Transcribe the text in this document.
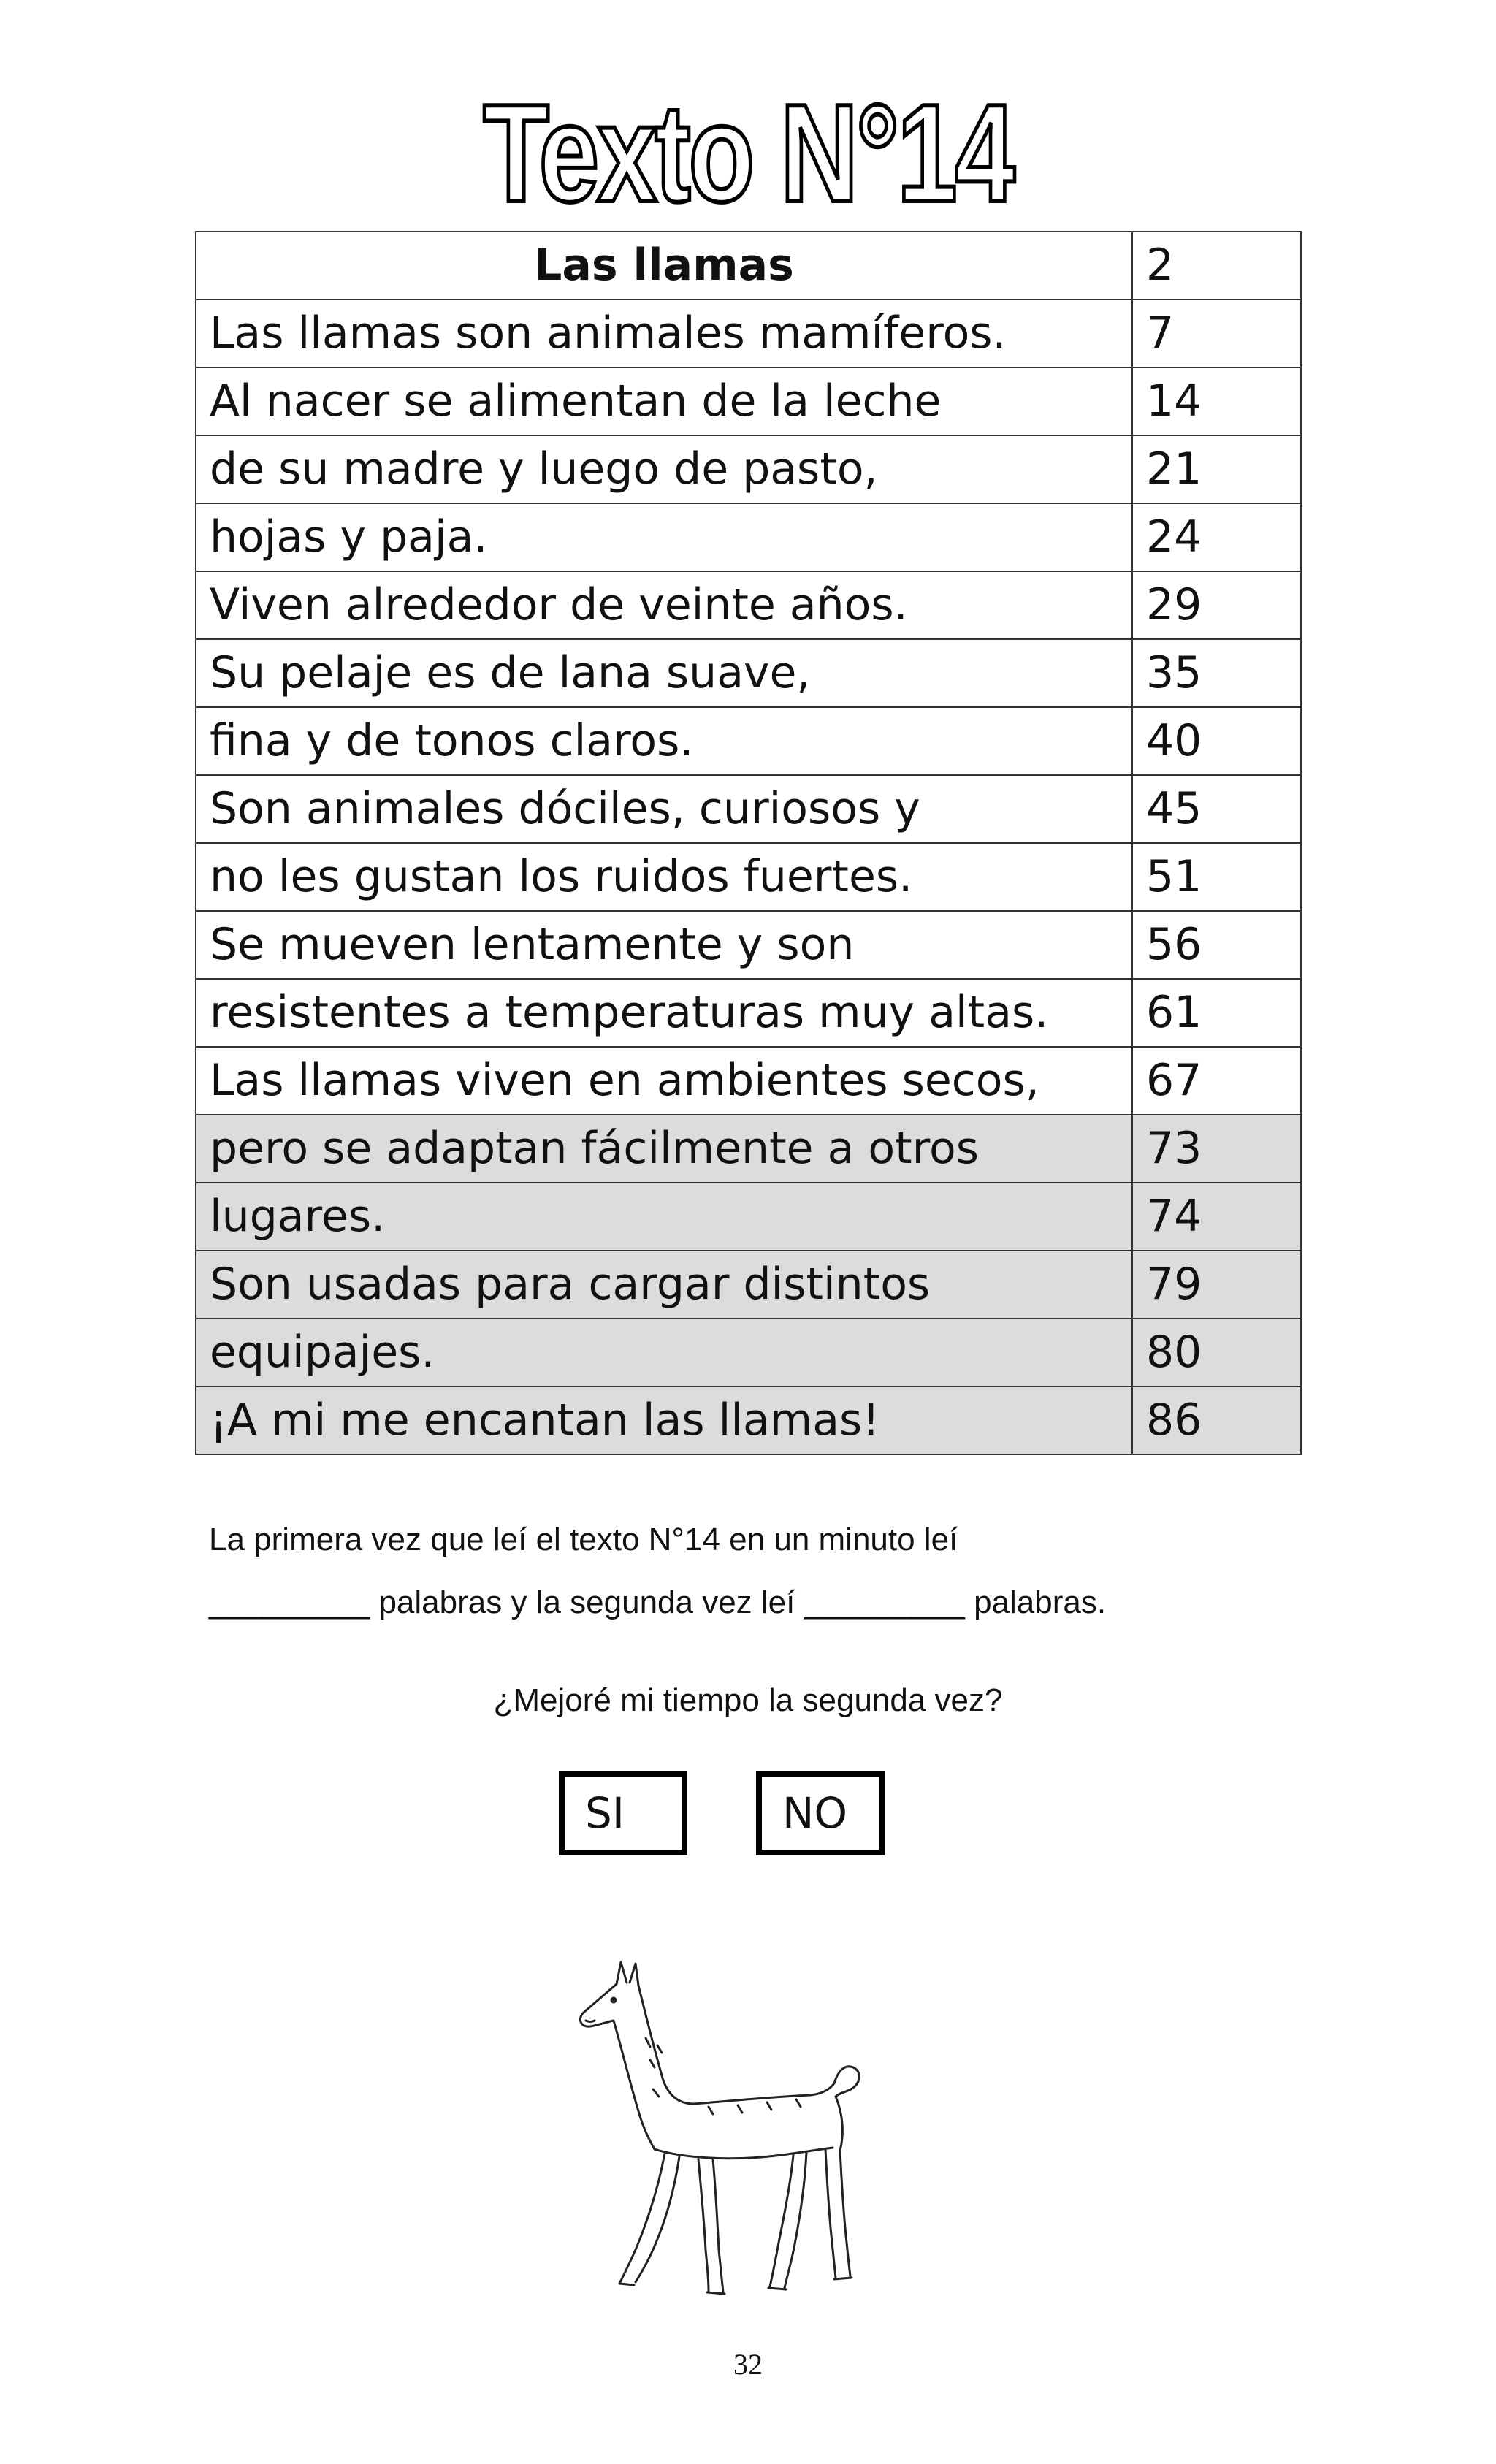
Texto N°14
Las llamas	2
Las llamas son animales mamíferos.	7
Al nacer se alimentan de la leche	14
de su madre y luego de pasto,	21
hojas y paja.	24
Viven alrededor de veinte años.	29
Su pelaje es de lana suave,	35
fina y de tonos claros.	40
Son animales dóciles, curiosos y	45
no les gustan los ruidos fuertes.	51
Se mueven lentamente y son	56
resistentes a temperaturas muy altas.	61
Las llamas viven en ambientes secos,	67
pero se adaptan fácilmente a otros	73
lugares.	74
Son usadas para cargar distintos	79
equipajes.	80
¡A mi me encantan las llamas!	86
La primera vez que leí el texto N°14 en un minuto leí
_________ palabras y la segunda vez leí _________ palabras.
¿Mejoré mi tiempo la segunda vez?
SI	NO
32
